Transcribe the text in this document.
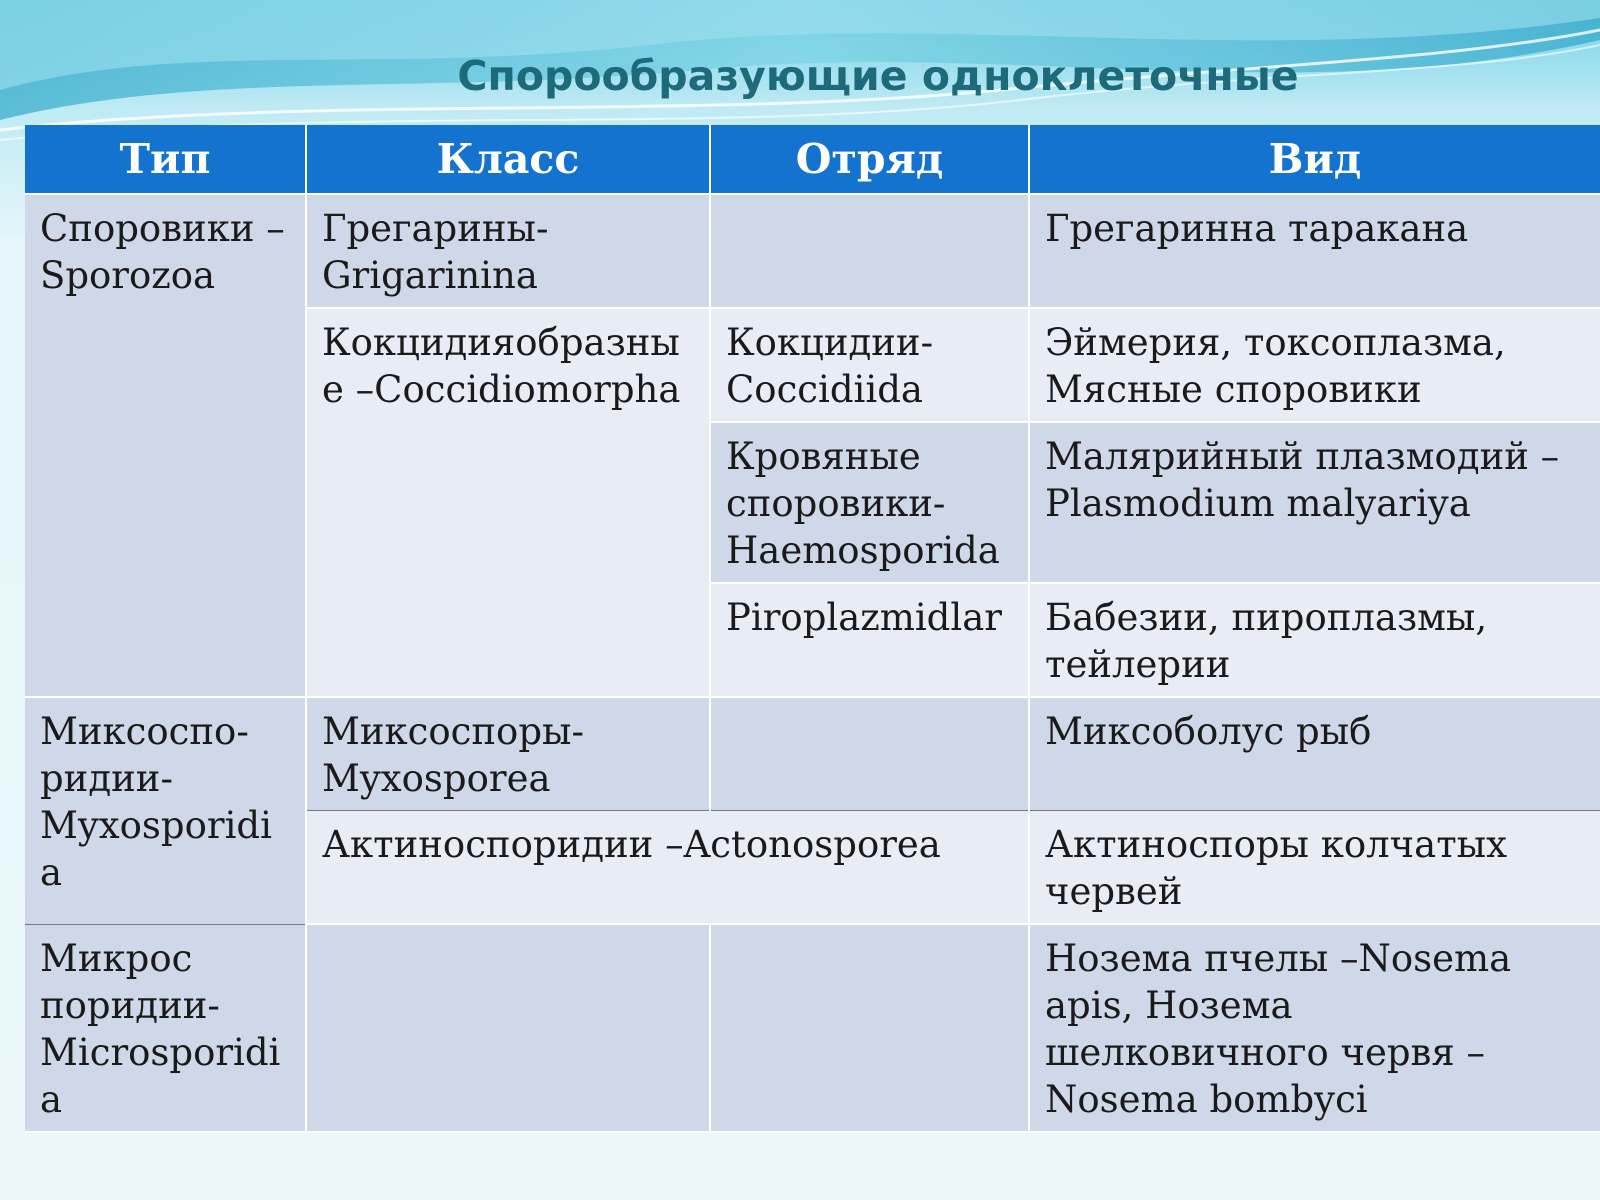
Спорообразующие одноклеточные
Тип	Класс	Отряд	Вид
Споровики – Sporozoa	Грегарины- Grigarinina		Грегаринна таракана
	Кокцидияобразны е –Coccidiomorpha	Кокцидии- Coccidiida	Эймерия, токсоплазма, Мясные споровики
		Кровяные споровики- Haemosporida	Малярийный плазмодий – Plasmodium malyariya
		Piroplazmidlar	Бабезии, пироплазмы, тейлерии
Миксоспо- ридии- Myxosporidi a	Миксоспоры- Myxosporea		Миксоболус рыб
	Актиноспоридии –Actonosporea		Актиноспоры колчатых червей
Микрос поридии- Microsporidi a			Нозема пчелы –Nosema apis, Нозема шелковичного червя –Nosema bombyci
